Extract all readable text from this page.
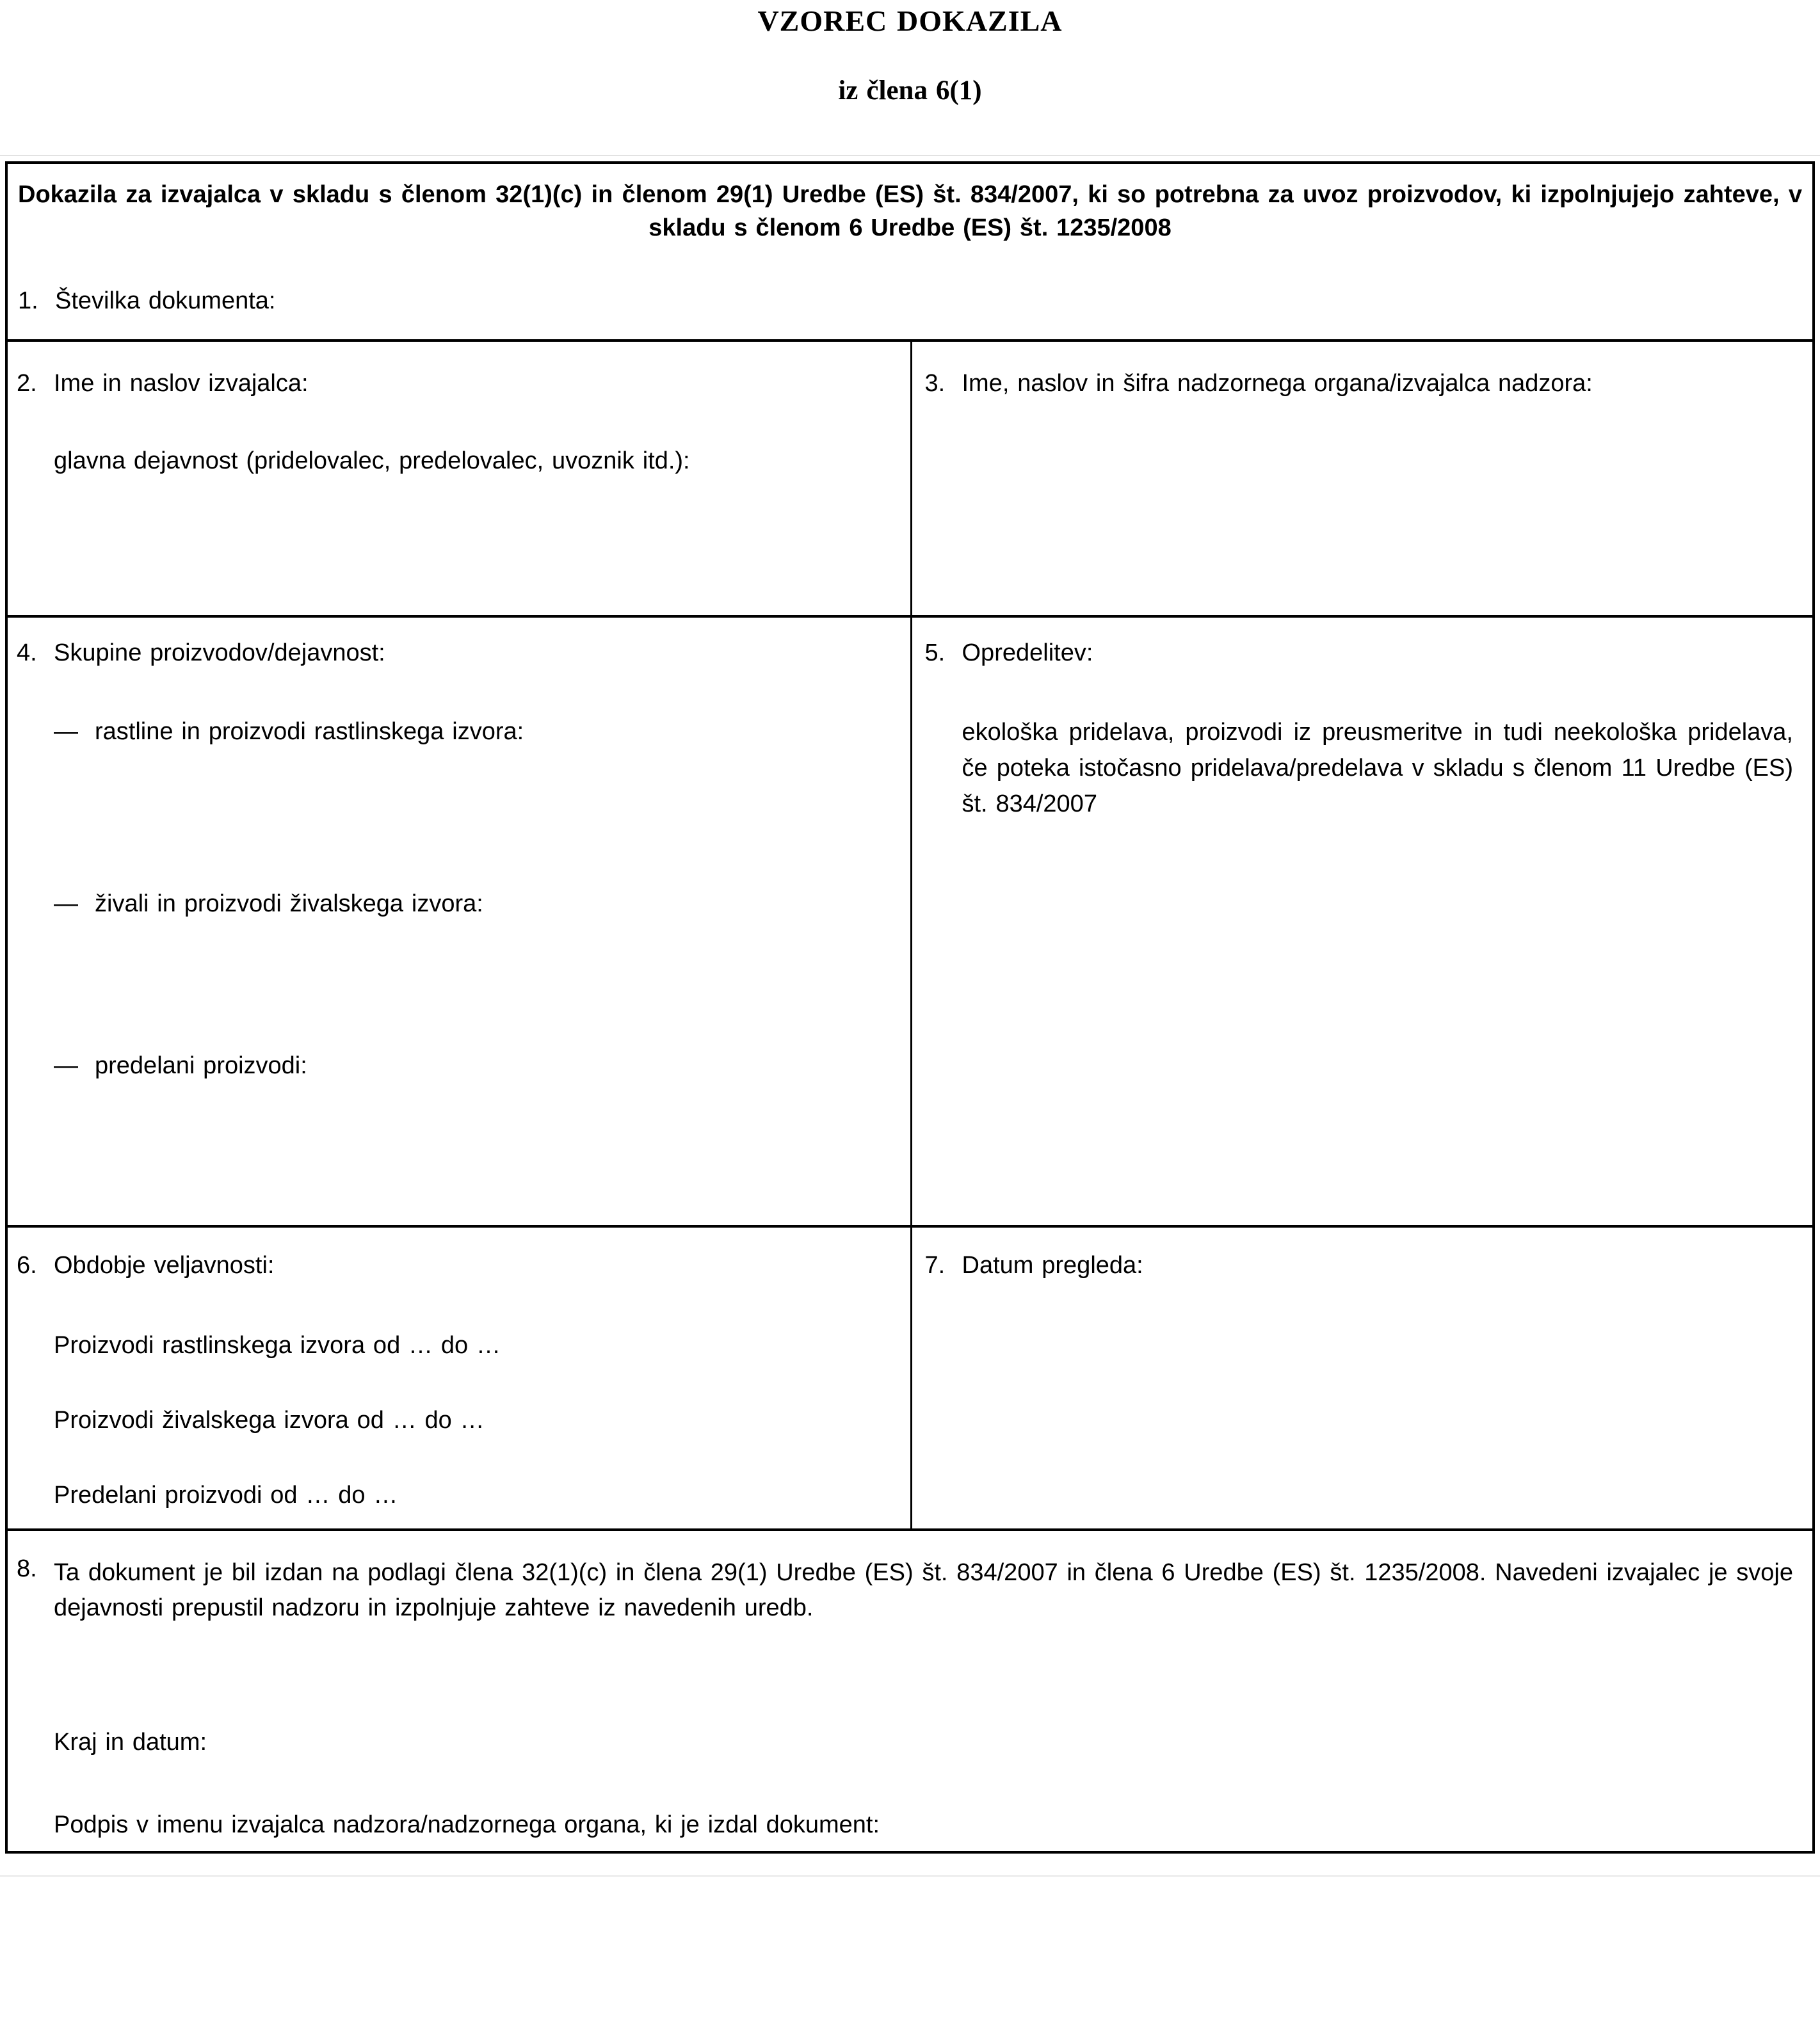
VZOREC DOKAZILA
iz člena 6(1)
Dokazila za izvajalca v skladu s členom 32(1)(c) in členom 29(1) Uredbe (ES) št. 834/2007, ki so potrebna za uvoz proizvodov, ki izpolnjujejo zahteve, v skladu s členom 6 Uredbe (ES) št. 1235/2008
1. Številka dokumenta:
2. Ime in naslov izvajalca:
glavna dejavnost (pridelovalec, predelovalec, uvoznik itd.):
3. Ime, naslov in šifra nadzornega organa/izvajalca nadzora:
4. Skupine proizvodov/dejavnost:
— rastline in proizvodi rastlinskega izvora:
— živali in proizvodi živalskega izvora:
— predelani proizvodi:
5. Opredelitev:
ekološka pridelava, proizvodi iz preusmeritve in tudi neekološka pridelava, če poteka istočasno pridelava/predelava v skladu s členom 11 Uredbe (ES) št. 834/2007
6. Obdobje veljavnosti:
Proizvodi rastlinskega izvora od … do …
Proizvodi živalskega izvora od … do …
Predelani proizvodi od … do …
7. Datum pregleda:
8. Ta dokument je bil izdan na podlagi člena 32(1)(c) in člena 29(1) Uredbe (ES) št. 834/2007 in člena 6 Uredbe (ES) št. 1235/2008. Navedeni izvajalec je svoje dejavnosti prepustil nadzoru in izpolnjuje zahteve iz navedenih uredb.
Kraj in datum:
Podpis v imenu izvajalca nadzora/nadzornega organa, ki je izdal dokument:
